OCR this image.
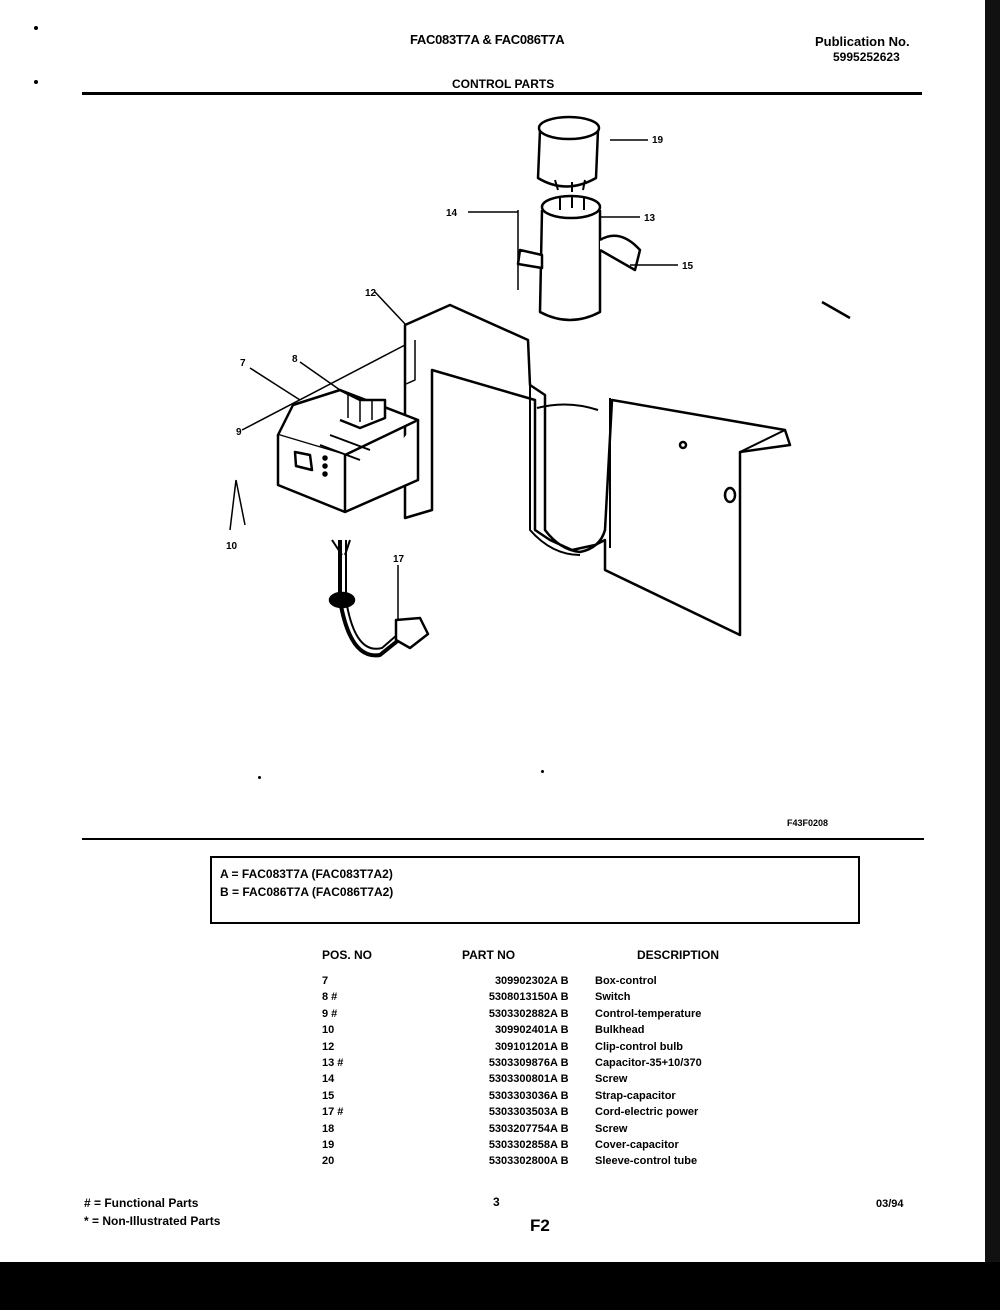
FAC083T7A & FAC086T7A	Publication No.
5995252623
CONTROL PARTS
19
14	13
15
12
7	8
9
10
17
F43F0208
A = FAC083T7A (FAC083T7A2)
B = FAC086T7A (FAC086T7A2)
POS. NO	PART NO	DESCRIPTION
7	309902302	A B	Box-control
8 #	5308013150	A B	Switch
9 #	5303302882	A B	Control-temperature
10	309902401	A B	Bulkhead
12	309101201	A B	Clip-control bulb
13 #	5303309876	A B	Capacitor-35+10/370
14	5303300801	A B	Screw
15	5303303036	A B	Strap-capacitor
17 #	5303303503	A B	Cord-electric power
18	5303207754	A B	Screw
19	5303302858	A B	Cover-capacitor
20	5303302800	A B	Sleeve-control tube
# = Functional Parts
* = Non-Illustrated Parts
3
F2
03/94
